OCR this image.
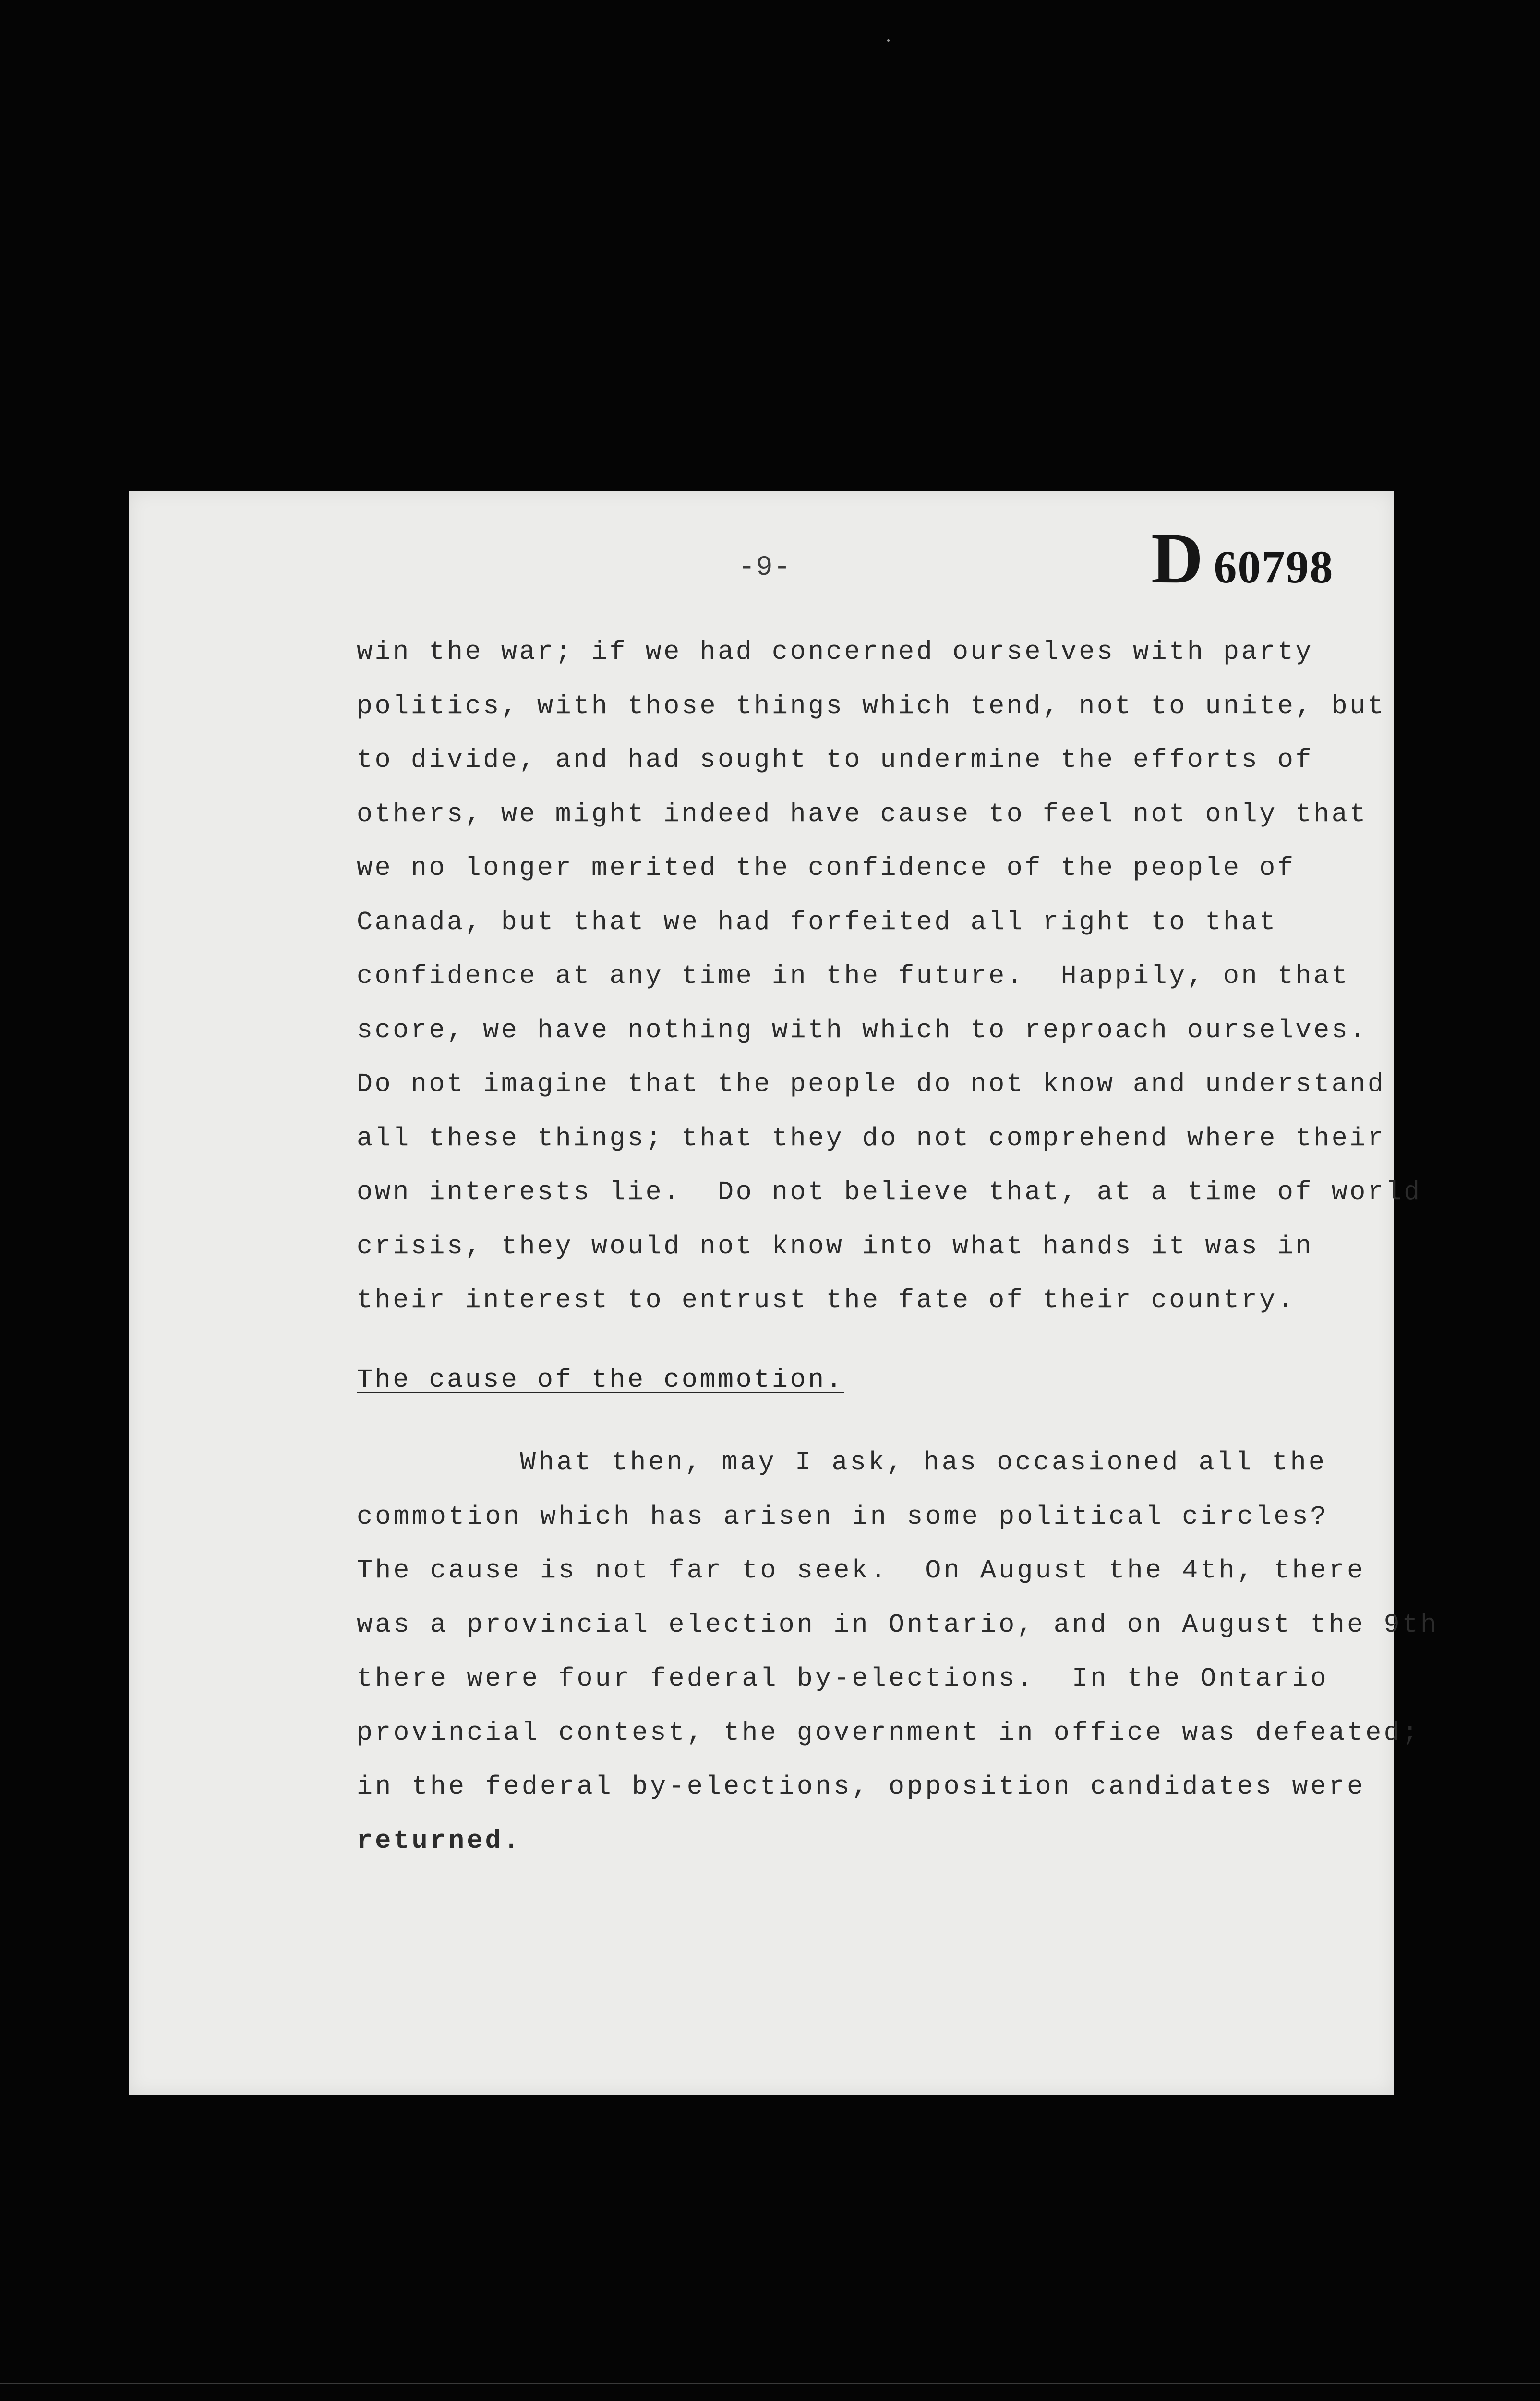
-9-	D 60798
win the war; if we had concerned ourselves with party
politics, with those things which tend, not to unite, but
to divide, and had sought to undermine the efforts of
others, we might indeed have cause to feel not only that
we no longer merited the confidence of the people of
Canada, but that we had forfeited all right to that
confidence at any time in the future.  Happily, on that
score, we have nothing with which to reproach ourselves.
Do not imagine that the people do not know and understand
all these things; that they do not comprehend where their
own interests lie.  Do not believe that, at a time of world
crisis, they would not know into what hands it was in
their interest to entrust the fate of their country.
The cause of the commotion.
What then, may I ask, has occasioned all the
commotion which has arisen in some political circles?
The cause is not far to seek.  On August the 4th, there
was a provincial election in Ontario, and on August the 9th
there were four federal by-elections.  In the Ontario
provincial contest, the government in office was defeated;
in the federal by-elections, opposition candidates were
returned.
